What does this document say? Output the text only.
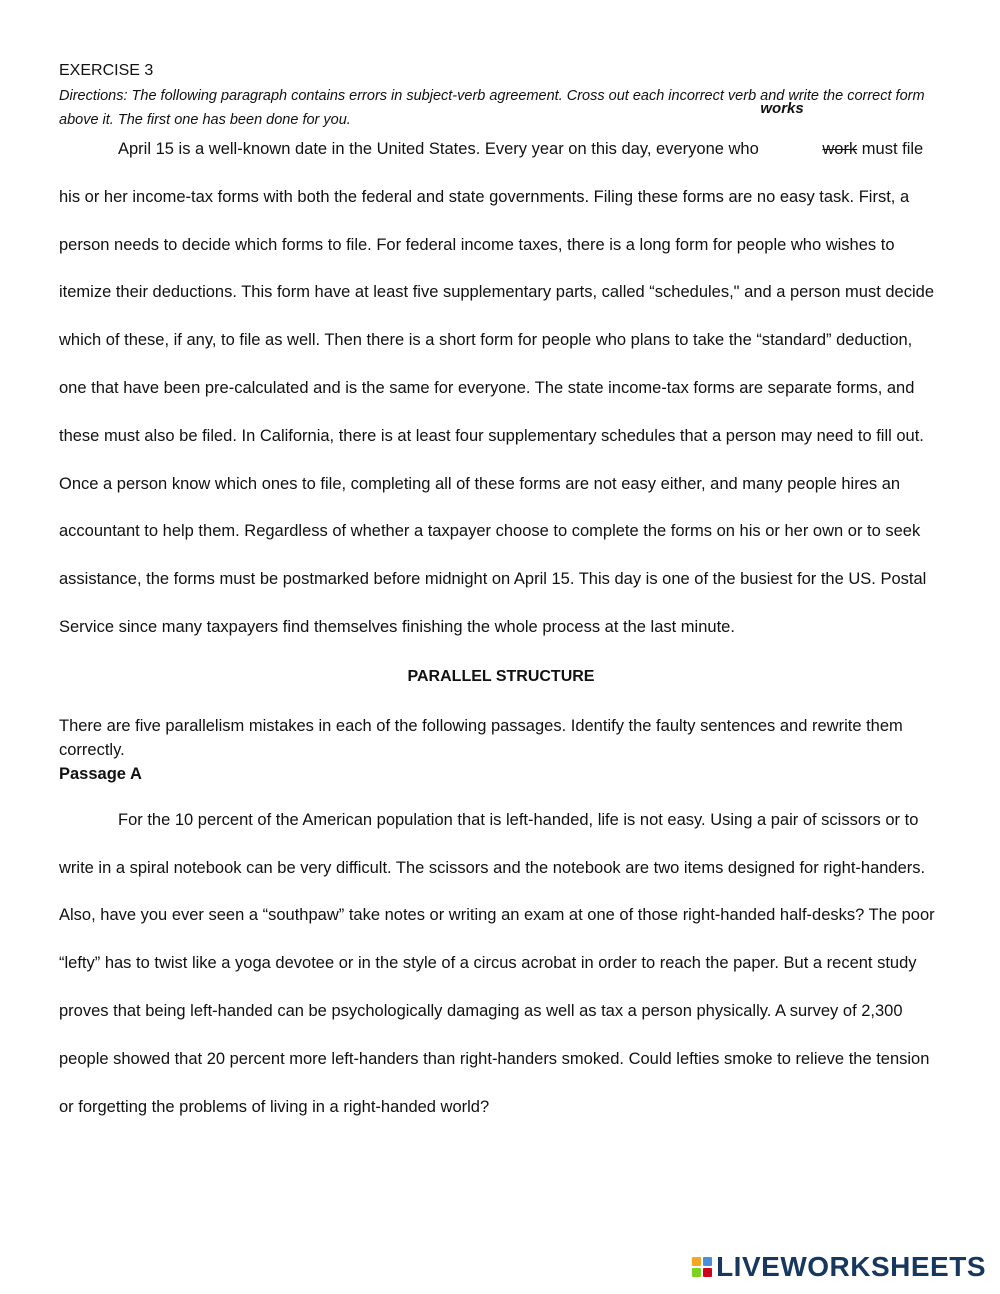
EXERCISE 3

Directions: The following paragraph contains errors in subject-verb agreement. Cross out each incorrect verb and write the correct form above it. The first one has been done for you.

April 15 is a well-known date in the United States. Every year on this day, everyone who
works
work must file his or her income-tax forms with both the federal and state governments. Filing these forms are no easy task. First, a person needs to decide which forms to file. For federal income taxes, there is a long form for people who wishes to itemize their deductions. This form have at least five supplementary parts, called “schedules," and a person must decide which of these, if any, to file as well. Then there is a short form for people who plans to take the “standard” deduction, one that have been pre-calculated and is the same for everyone. The state income-tax forms are separate forms, and these must also be filed. In California, there is at least four supplementary schedules that a person may need to fill out. Once a person know which ones to file, completing all of these forms are not easy either, and many people hires an accountant to help them. Regardless of whether a taxpayer choose to complete the forms on his or her own or to seek assistance, the forms must be postmarked before midnight on April 15. This day is one of the busiest for the US. Postal Service since many taxpayers find themselves finishing the whole process at the last minute.

PARALLEL STRUCTURE

There are five parallelism mistakes in each of the following passages. Identify the faulty sentences and rewrite them correctly.

Passage A

For the 10 percent of the American population that is left-handed, life is not easy. Using a pair of scissors or to write in a spiral notebook can be very difficult. The scissors and the notebook are two items designed for right-handers. Also, have you ever seen a “southpaw” take notes or writing an exam at one of those right-handed half-desks? The poor “lefty” has to twist like a yoga devotee or in the style of a circus acrobat in order to reach the paper. But a recent study proves that being left-handed can be psychologically damaging as well as tax a person physically. A survey of 2,300 people showed that 20 percent more left-handers than right-handers smoked. Could lefties smoke to relieve the tension or forgetting the problems of living in a right-handed world?

LIVEWORKSHEETS
